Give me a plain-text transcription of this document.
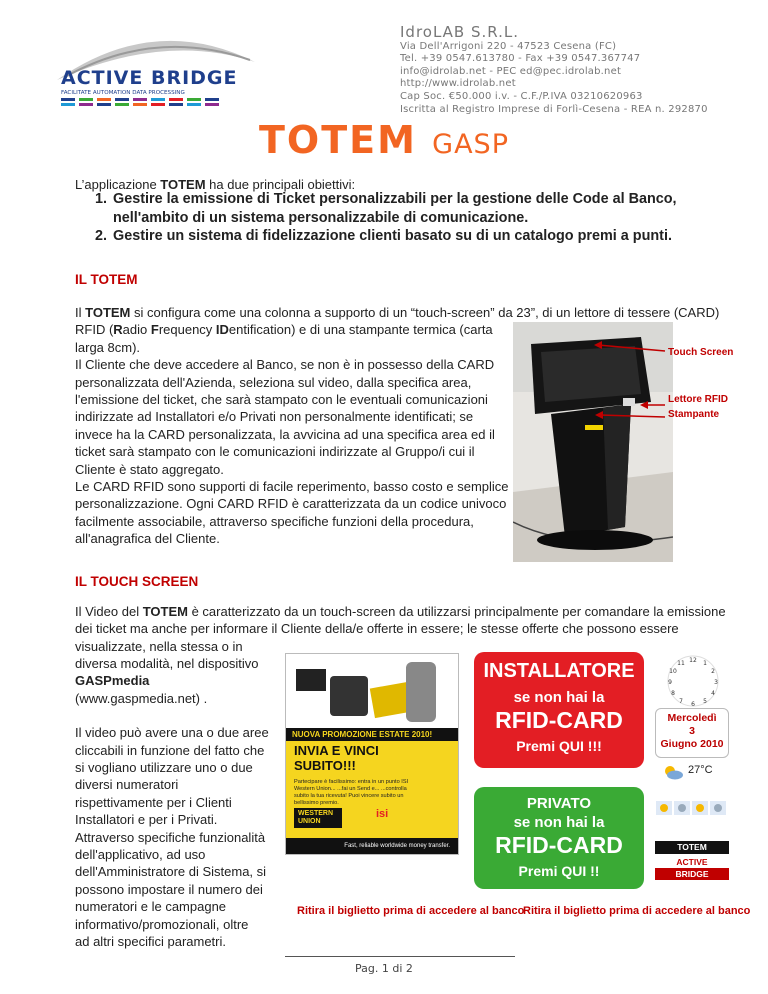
ACTIVE BRIDGE
FACILITATE AUTOMATION DATA PROCESSING
IdroLAB S.R.L.
Via Dell'Arrigoni 220 - 47523 Cesena (FC)
Tel. +39 0547.613780 - Fax +39 0547.367747
info@idrolab.net - PEC ed@pec.idrolab.net
http://www.idrolab.net
Cap Soc. €50.000 i.v. - C.F./P.IVA 03210620963
Iscritta al Registro Imprese di Forlì-Cesena - REA n. 292870
TOTEM GASP
L’applicazione TOTEM ha due principali obiettivi:
1. Gestire la emissione di Ticket personalizzabili per la gestione delle Code al Banco, nell'ambito di un sistema personalizzabile di comunicazione.
2. Gestire un sistema di fidelizzazione clienti basato su di un catalogo premi a punti.
IL TOTEM
Il TOTEM si configura come una colonna a supporto di un “touch-screen” da 23”, di un lettore di tessere (CARD)
RFID (Radio Frequency IDentification) e di una stampante termica (carta
larga 8cm).
Il Cliente che deve accedere al Banco, se non è in possesso della CARD
personalizzata dell'Azienda, seleziona sul video, dalla specifica area,
l'emissione del ticket, che sarà stampato con le eventuali comunicazioni
indirizzate ad Installatori e/o Privati non personalmente identificati; se
invece ha la CARD personalizzata, la avvicina ad una specifica area ed il
ticket sarà stampato con le comunicazioni indirizzate al Gruppo/i cui il
Cliente è stato aggregato.
Le CARD RFID sono supporti di facile reperimento, basso costo e semplice
personalizzazione. Ogni CARD RFID è caratterizzata da un codice univoco
facilmente associabile, attraverso specifiche funzioni della procedura,
all'anagrafica del Cliente.
Touch Screen
Lettore RFID
Stampante
IL TOUCH SCREEN
Il Video del TOTEM è caratterizzato da un touch-screen da utilizzarsi principalmente per comandare la emissione
dei ticket ma anche per informare il Cliente della/e offerte in essere; le stesse offerte che possono essere
visualizzate, nella stessa o in
diversa modalità, nel dispositivo
GASPmedia
(www.gaspmedia.net) .
Il video può avere una o due aree
cliccabili in funzione del fatto che
si vogliano utilizzare uno o due
diversi numeratori
rispettivamente per i Clienti
Installatori e per i Privati.
Attraverso specifiche funzionalità
dell'applicativo, ad uso
dell'Amministratore di Sistema, si
possono impostare il numero dei
numeratori e le campagne
informativo/promozionali, oltre
ad altri specifici parametri.
NUOVA PROMOZIONE ESTATE 2010!
INVIA E VINCI
SUBITO!!!
Partecipare è facilissimo: entra in un punto ISI Western Union... ...fai un Send e... ...controlla subito la tua ricevuta! Puoi vincere subito un bellissimo premio.
WESTERN UNION
isi
Fast, reliable worldwide money transfer.
INSTALLATORE
se non hai la
RFID-CARD
Premi QUI !!!
PRIVATO
se non hai la
RFID-CARD
Premi QUI !!
12 1
2
3
4
5
6
7
8
9
10
11
Mercoledì
3
Giugno 2010
27°C
TOTEM
ACTIVE
BRIDGE
Ritira il biglietto prima di accedere al banco
Ritira il biglietto prima di accedere al banco
Pag. 1 di 2
